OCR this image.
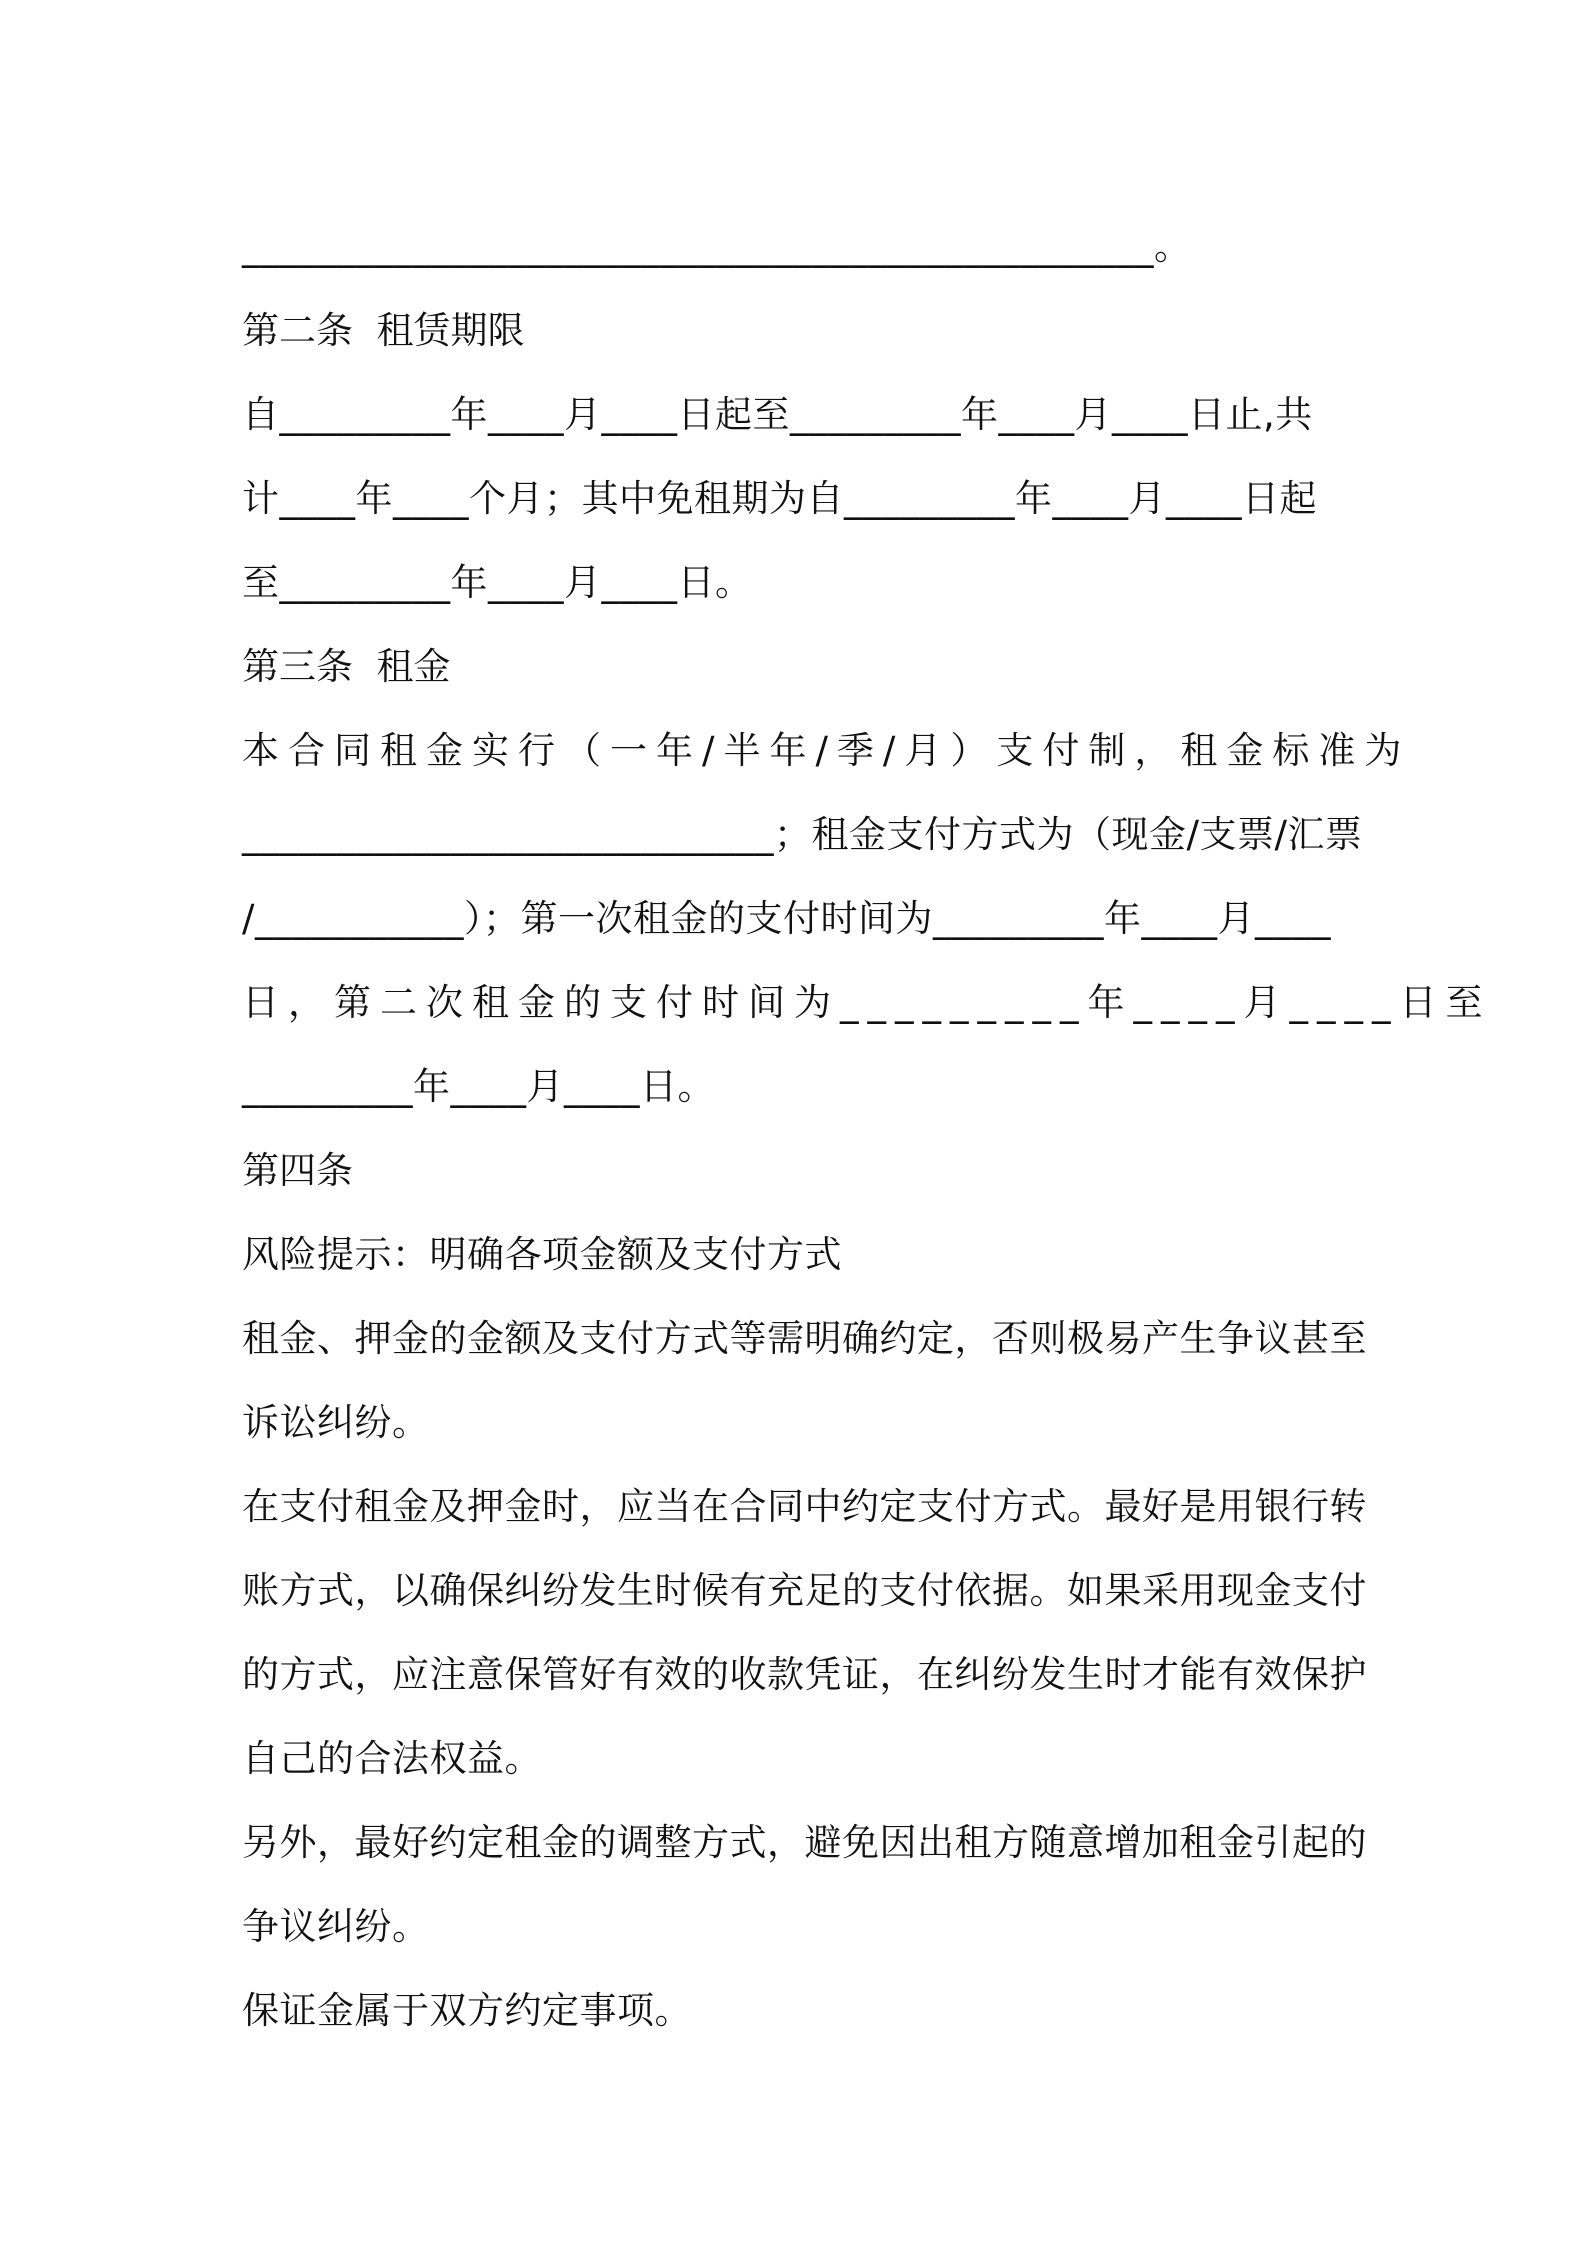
________________________________________________。

第二条  租赁期限

自_________年____月____日起至_________年____月____日止,共

计____年____个月；其中免租期为自_________年____月____日起

至_________年____月____日。

第三条  租金

本合同租金实行（一年/半年/季/月）支付制，租金标准为

____________________________；租金支付方式为（现金/支票/汇票

/___________）；第一次租金的支付时间为_________年____月____

日，第二次租金的支付时间为_________年____月____日至

_________年____月____日。

第四条

风险提示：明确各项金额及支付方式

租金、押金的金额及支付方式等需明确约定，否则极易产生争议甚至

诉讼纠纷。

在支付租金及押金时，应当在合同中约定支付方式。最好是用银行转

账方式，以确保纠纷发生时候有充足的支付依据。如果采用现金支付

的方式，应注意保管好有效的收款凭证，在纠纷发生时才能有效保护

自己的合法权益。

另外，最好约定租金的调整方式，避免因出租方随意增加租金引起的

争议纠纷。

保证金属于双方约定事项。
